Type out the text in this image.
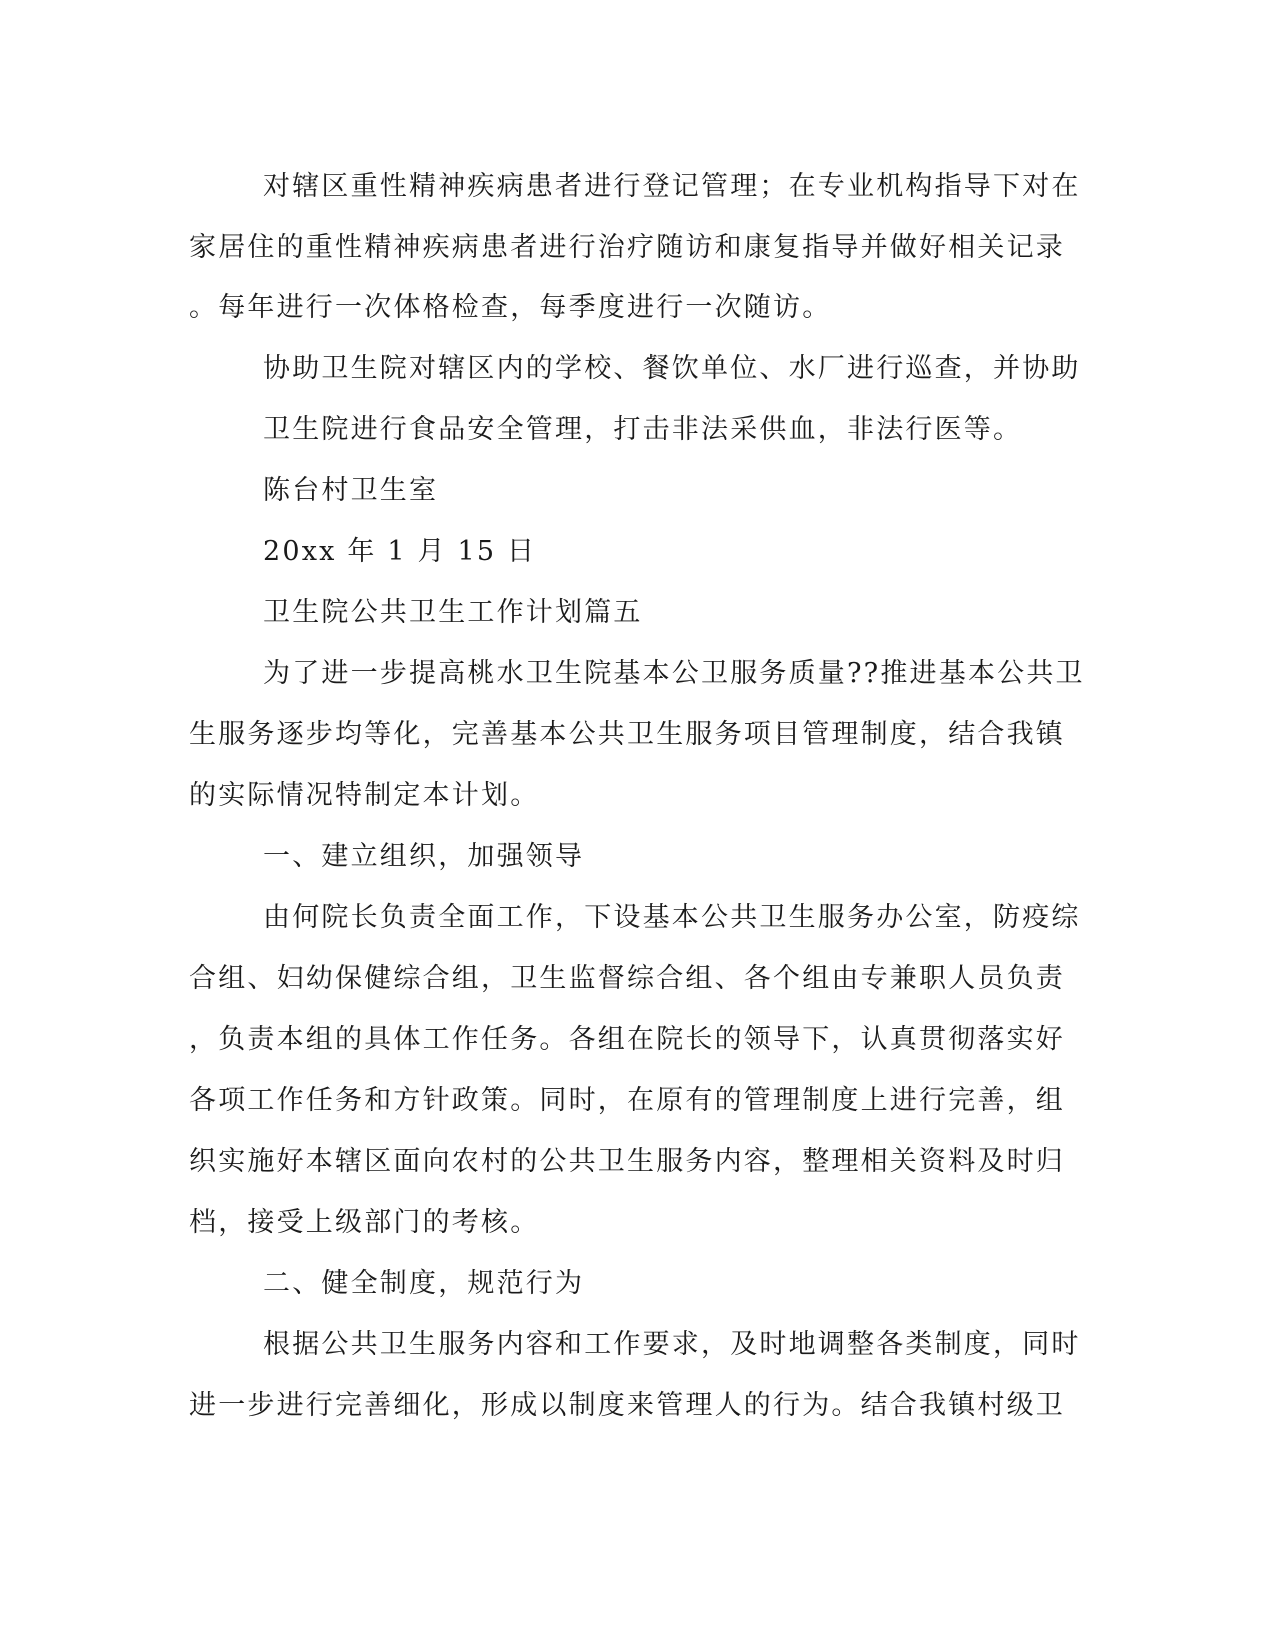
对辖区重性精神疾病患者进行登记管理；在专业机构指导下对在
家居住的重性精神疾病患者进行治疗随访和康复指导并做好相关记录
。每年进行一次体格检查，每季度进行一次随访。
协助卫生院对辖区内的学校、餐饮单位、水厂进行巡查，并协助
卫生院进行食品安全管理，打击非法采供血，非法行医等。
陈台村卫生室
20xx 年 1 月 15 日
卫生院公共卫生工作计划篇五
为了进一步提高桃水卫生院基本公卫服务质量??推进基本公共卫
生服务逐步均等化，完善基本公共卫生服务项目管理制度，结合我镇
的实际情况特制定本计划。
一、建立组织，加强领导
由何院长负责全面工作，下设基本公共卫生服务办公室，防疫综
合组、妇幼保健综合组，卫生监督综合组、各个组由专兼职人员负责
，负责本组的具体工作任务。各组在院长的领导下，认真贯彻落实好
各项工作任务和方针政策。同时，在原有的管理制度上进行完善，组
织实施好本辖区面向农村的公共卫生服务内容，整理相关资料及时归
档，接受上级部门的考核。
二、健全制度，规范行为
根据公共卫生服务内容和工作要求，及时地调整各类制度，同时
进一步进行完善细化，形成以制度来管理人的行为。结合我镇村级卫
